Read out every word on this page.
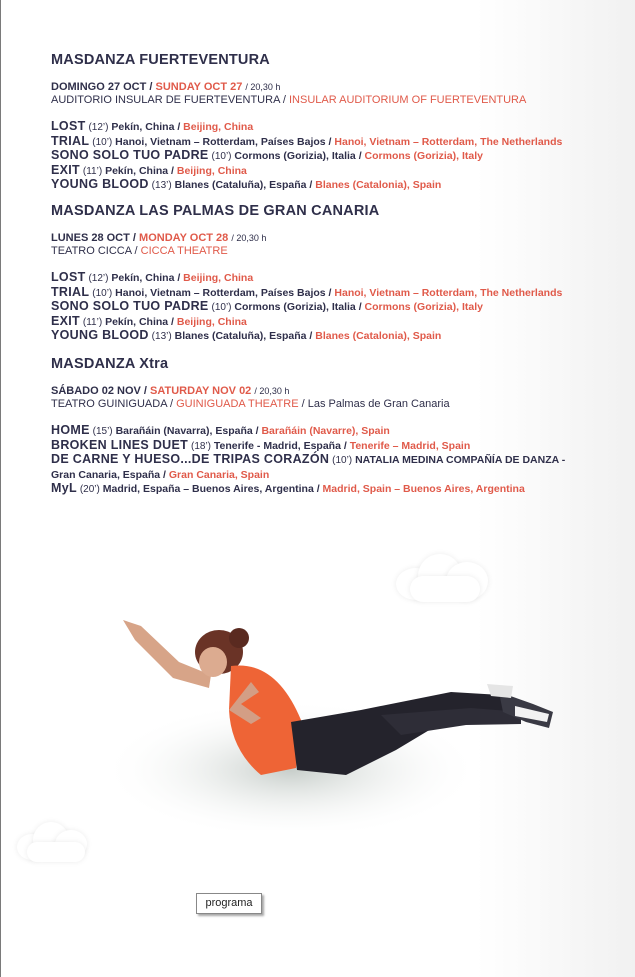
MASDANZA FUERTEVENTURA
DOMINGO 27 OCT / SUNDAY OCT 27 / 20,30 h
AUDITORIO INSULAR DE FUERTEVENTURA / INSULAR AUDITORIUM OF FUERTEVENTURA
LOST (12’) Pekín, China / Beijing, China
TRIAL (10’) Hanoi, Vietnam – Rotterdam, Países Bajos / Hanoi, Vietnam – Rotterdam, The Netherlands
SONO SOLO TUO PADRE (10’) Cormons (Gorizia), Italia / Cormons (Gorizia), Italy
EXIT (11’) Pekín, China / Beijing, China
YOUNG BLOOD (13’) Blanes (Cataluña), España / Blanes (Catalonia), Spain
MASDANZA LAS PALMAS DE GRAN CANARIA
LUNES 28 OCT / MONDAY OCT 28 / 20,30 h
TEATRO CICCA / CICCA THEATRE
LOST (12’) Pekín, China / Beijing, China
TRIAL (10’) Hanoi, Vietnam – Rotterdam, Países Bajos / Hanoi, Vietnam – Rotterdam, The Netherlands
SONO SOLO TUO PADRE (10’) Cormons (Gorizia), Italia / Cormons (Gorizia), Italy
EXIT (11’) Pekín, China / Beijing, China
YOUNG BLOOD (13’) Blanes (Cataluña), España / Blanes (Catalonia), Spain
MASDANZA Xtra
SÁBADO 02 NOV / SATURDAY NOV 02 / 20,30 h
TEATRO GUINIGUADA / GUINIGUADA THEATRE / Las Palmas de Gran Canaria
HOME (15’) Barañáin (Navarra), España / Barañáin (Navarre), Spain
BROKEN LINES DUET (18’) Tenerife - Madrid, España / Tenerife – Madrid, Spain
DE CARNE Y HUESO...DE TRIPAS CORAZÓN (10’) NATALIA MEDINA COMPAÑÍA DE DANZA -
Gran Canaria, España / Gran Canaria, Spain
MyL (20’) Madrid, España – Buenos Aires, Argentina / Madrid, Spain – Buenos Aires, Argentina
programa
